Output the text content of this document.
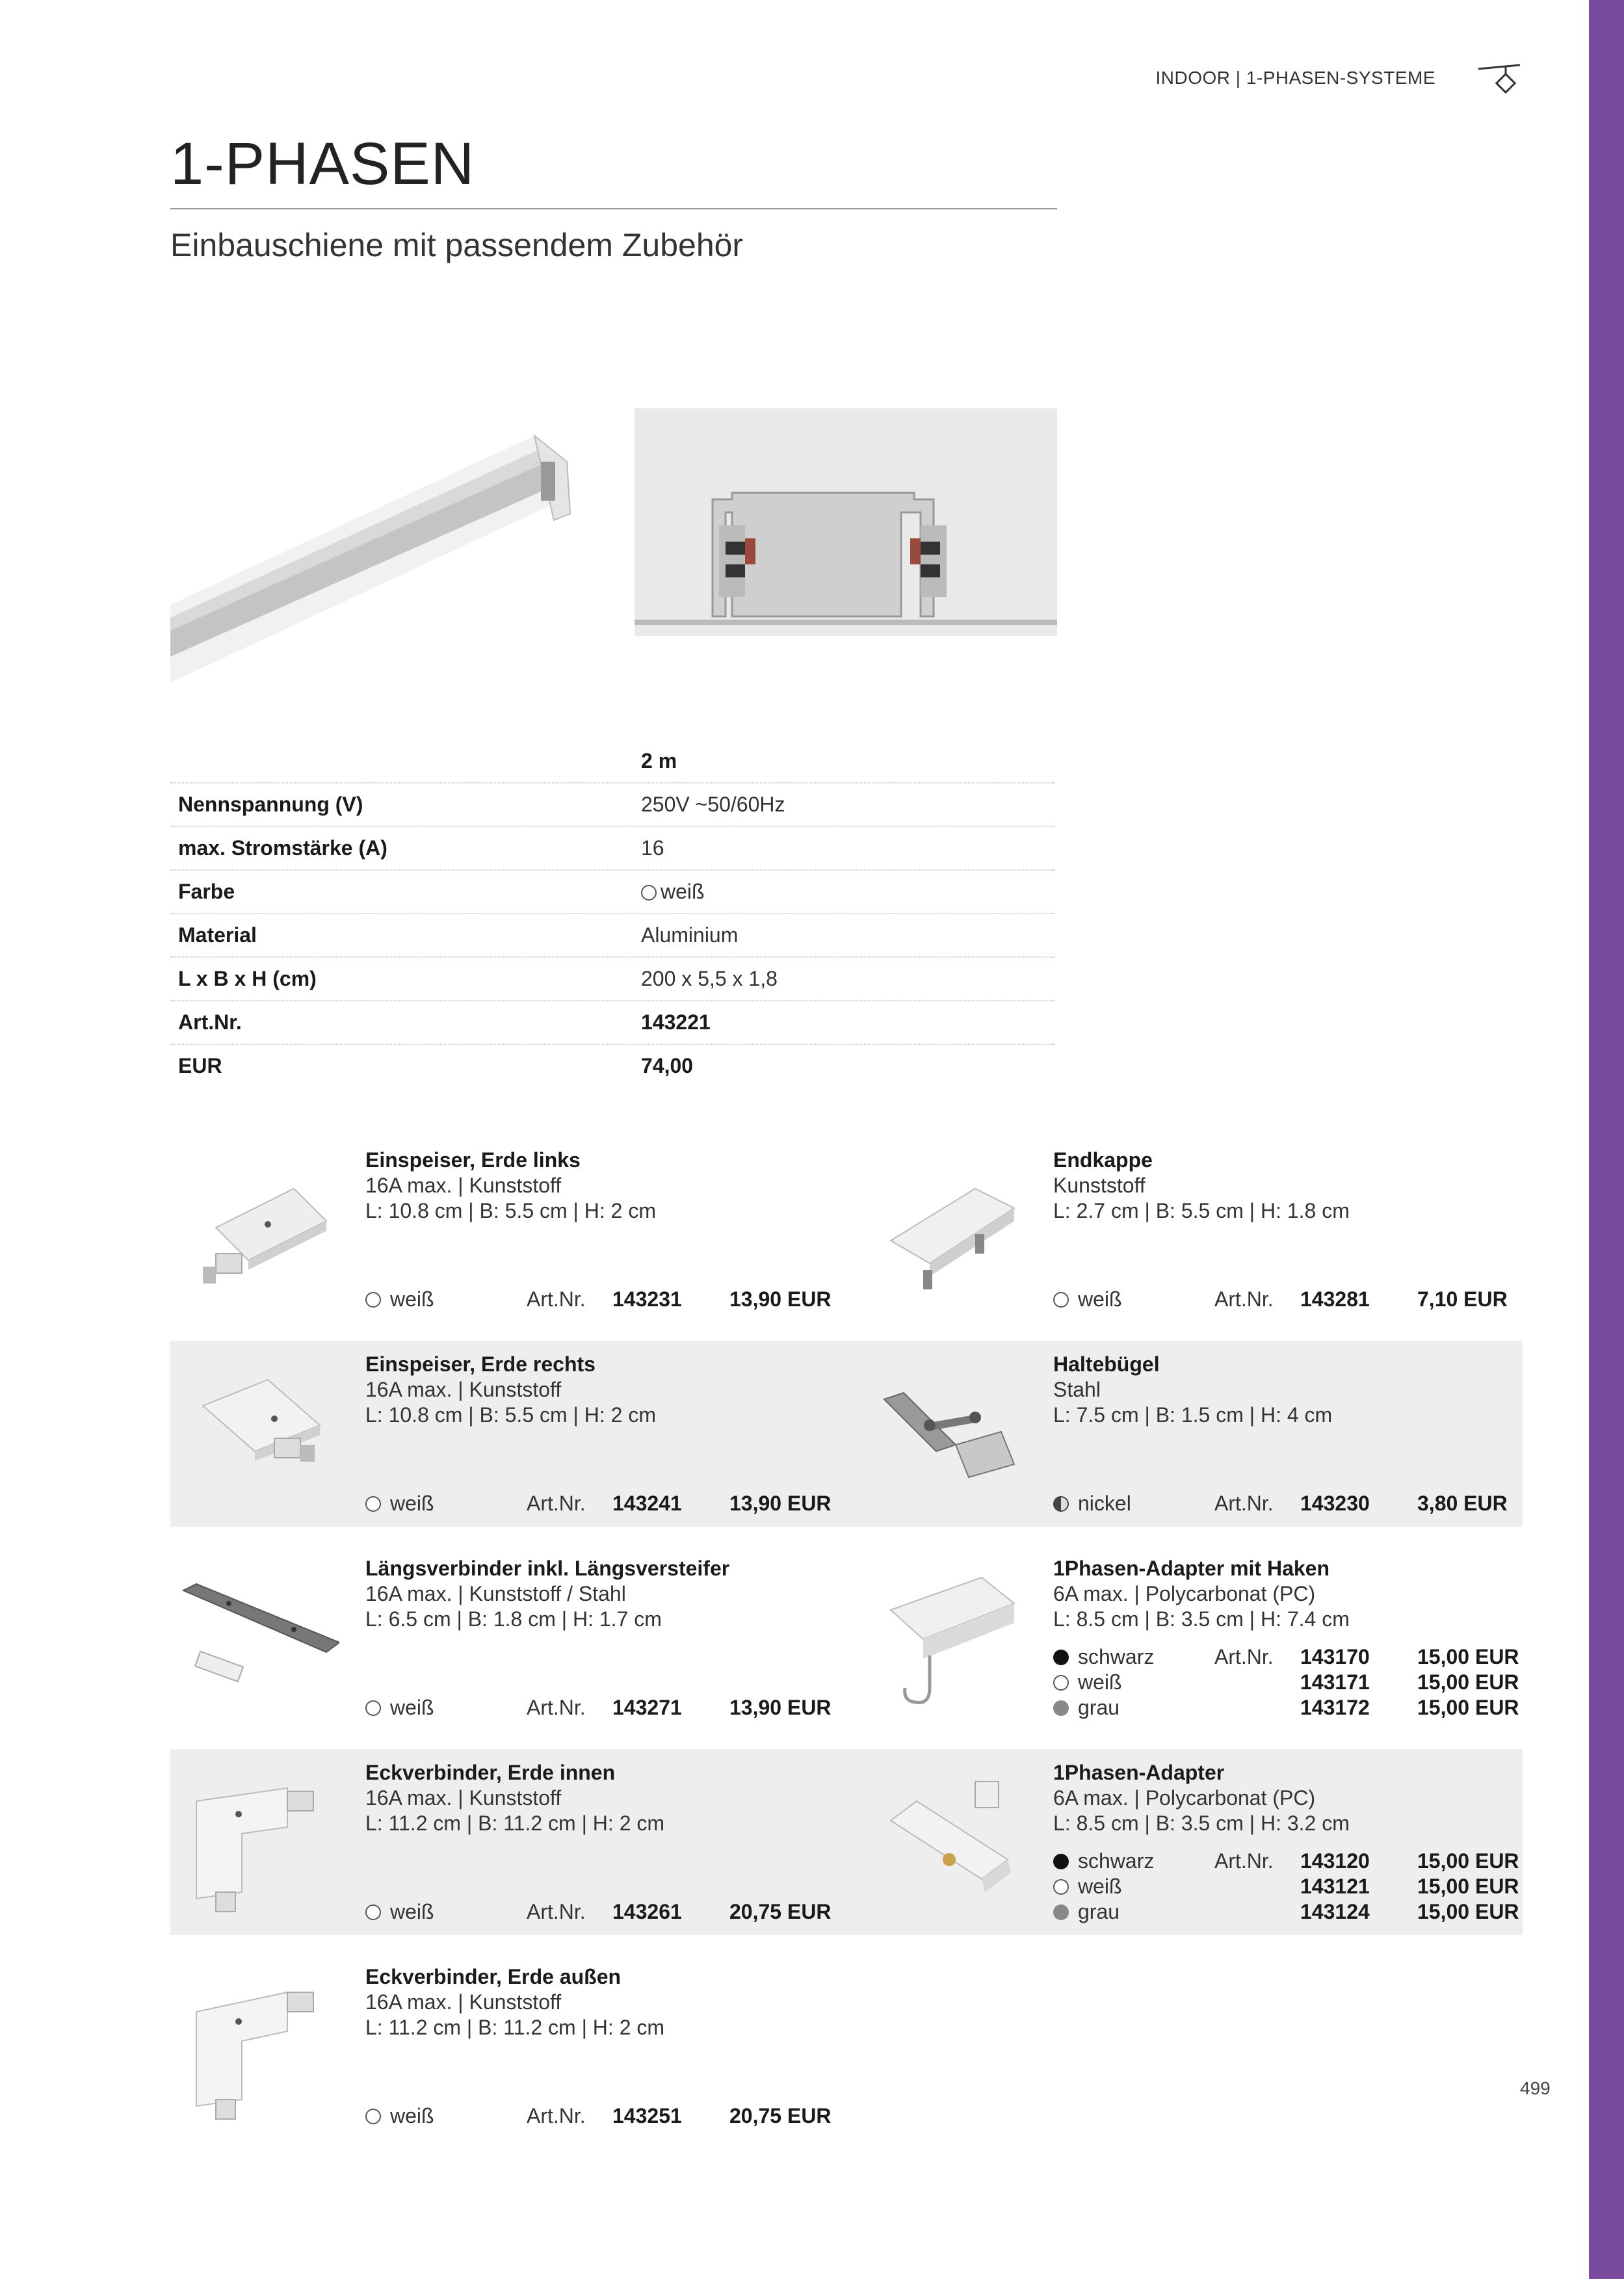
INDOOR | 1-PHASEN-SYSTEME
1-PHASEN
Einbauschiene mit passendem Zubehör
2 m
Nennspannung (V)	250V ~50/60Hz
max. Stromstärke (A)	16
Farbe	weiß
Material	Aluminium
L x B x H (cm)	200 x 5,5 x 1,8
Art.Nr.	143221
EUR	74,00
Einspeiser, Erde links
16A max. | Kunststoff
L: 10.8 cm | B: 5.5 cm | H: 2 cm
weiß	Art.Nr. 143231 13,90 EUR
Endkappe
Kunststoff
L: 2.7 cm | B: 5.5 cm | H: 1.8 cm
weiß	Art.Nr. 143281 7,10 EUR
Einspeiser, Erde rechts
16A max. | Kunststoff
L: 10.8 cm | B: 5.5 cm | H: 2 cm
weiß	Art.Nr. 143241 13,90 EUR
Haltebügel
Stahl
L: 7.5 cm | B: 1.5 cm | H: 4 cm
nickel	Art.Nr. 143230 3,80 EUR
Längsverbinder inkl. Längsversteifer
16A max. | Kunststoff / Stahl
L: 6.5 cm | B: 1.8 cm | H: 1.7 cm
weiß	Art.Nr. 143271 13,90 EUR
1Phasen-Adapter mit Haken
6A max. | Polycarbonat (PC)
L: 8.5 cm | B: 3.5 cm | H: 7.4 cm
schwarz	Art.Nr. 143170 15,00 EUR
weiß	143171 15,00 EUR
grau	143172 15,00 EUR
Eckverbinder, Erde innen
16A max. | Kunststoff
L: 11.2 cm | B: 11.2 cm | H: 2 cm
weiß	Art.Nr. 143261 20,75 EUR
1Phasen-Adapter
6A max. | Polycarbonat (PC)
L: 8.5 cm | B: 3.5 cm | H: 3.2 cm
schwarz	Art.Nr. 143120 15,00 EUR
weiß	143121 15,00 EUR
grau	143124 15,00 EUR
Eckverbinder, Erde außen
16A max. | Kunststoff
L: 11.2 cm | B: 11.2 cm | H: 2 cm
weiß	Art.Nr. 143251 20,75 EUR
499
